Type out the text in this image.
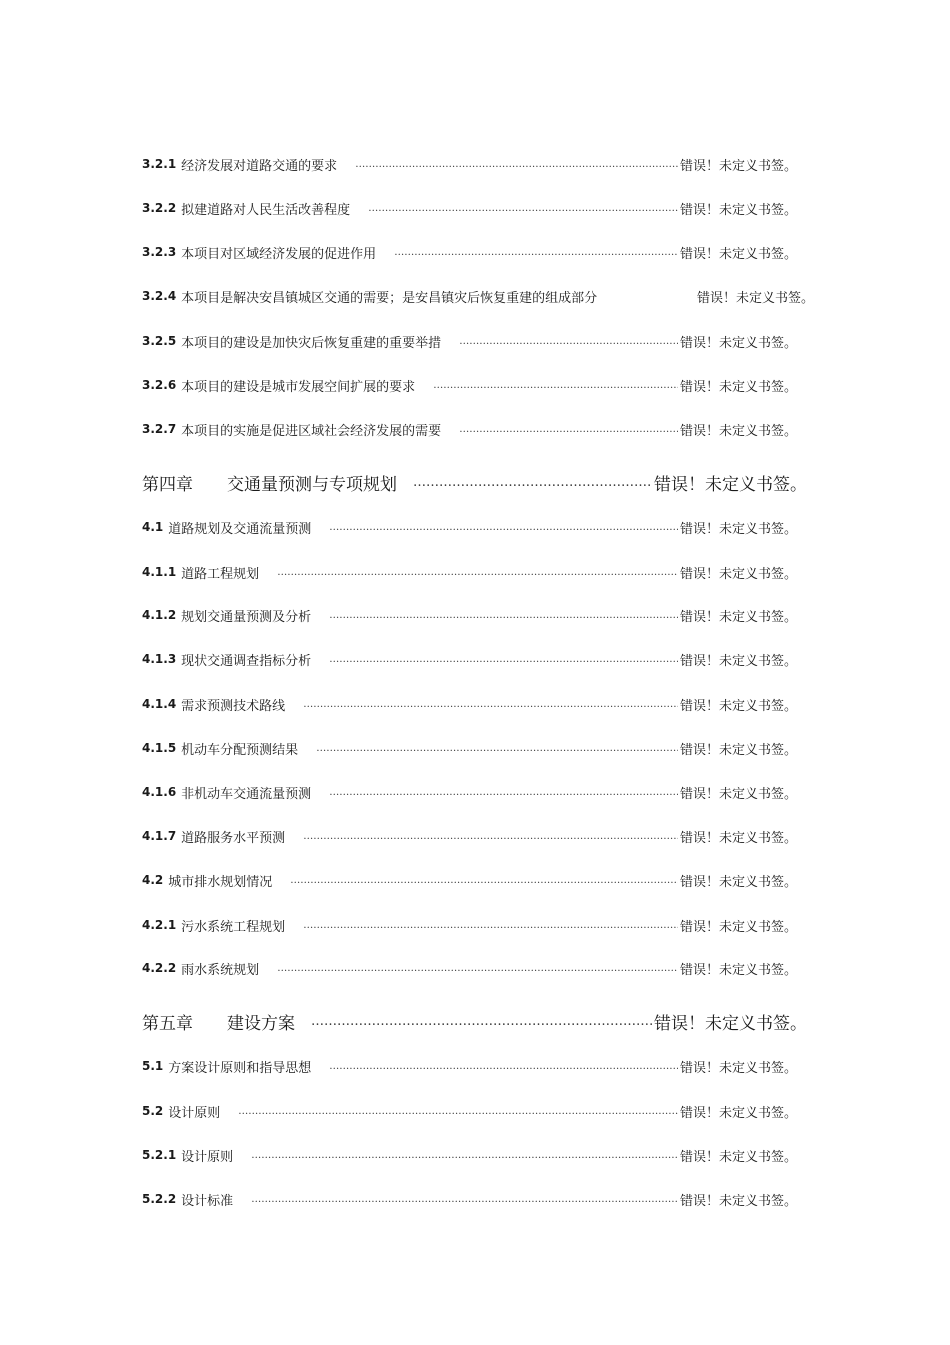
3.2.1 经济发展对道路交通的要求 …………………………………………………………………………………………………………………………………………………………………………………………	错误！未定义书签。
3.2.2 拟建道路对人民生活改善程度 …………………………………………………………………………………………………………………………………………………………………………………………	错误！未定义书签。
3.2.3 本项目对区域经济发展的促进作用 …………………………………………………………………………………………………………………………………………………………………………………………	错误！未定义书签。
3.2.4 本项目是解决安昌镇城区交通的需要；是安昌镇灾后恢复重建的组成部分	错误！未定义书签。
3.2.5 本项目的建设是加快灾后恢复重建的重要举措 …………………………………………………………………………………………………………………………………………………………………………………………	错误！未定义书签。
3.2.6 本项目的建设是城市发展空间扩展的要求 …………………………………………………………………………………………………………………………………………………………………………………………	错误！未定义书签。
3.2.7 本项目的实施是促进区域社会经济发展的需要 …………………………………………………………………………………………………………………………………………………………………………………………	错误！未定义书签。
第四章 交通量预测与专项规划 …………………………………………………………………………………………………………………………………………………………………………………………	错误！未定义书签。
4.1 道路规划及交通流量预测 …………………………………………………………………………………………………………………………………………………………………………………………	错误！未定义书签。
4.1.1 道路工程规划 …………………………………………………………………………………………………………………………………………………………………………………………	错误！未定义书签。
4.1.2 规划交通量预测及分析 …………………………………………………………………………………………………………………………………………………………………………………………	错误！未定义书签。
4.1.3 现状交通调查指标分析 …………………………………………………………………………………………………………………………………………………………………………………………	错误！未定义书签。
4.1.4 需求预测技术路线 …………………………………………………………………………………………………………………………………………………………………………………………	错误！未定义书签。
4.1.5 机动车分配预测结果 …………………………………………………………………………………………………………………………………………………………………………………………	错误！未定义书签。
4.1.6 非机动车交通流量预测 …………………………………………………………………………………………………………………………………………………………………………………………	错误！未定义书签。
4.1.7 道路服务水平预测 …………………………………………………………………………………………………………………………………………………………………………………………	错误！未定义书签。
4.2 城市排水规划情况 …………………………………………………………………………………………………………………………………………………………………………………………	错误！未定义书签。
4.2.1 污水系统工程规划 …………………………………………………………………………………………………………………………………………………………………………………………	错误！未定义书签。
4.2.2 雨水系统规划 …………………………………………………………………………………………………………………………………………………………………………………………	错误！未定义书签。
第五章 建设方案 …………………………………………………………………………………………………………………………………………………………………………………………	错误！未定义书签。
5.1 方案设计原则和指导思想 …………………………………………………………………………………………………………………………………………………………………………………………	错误！未定义书签。
5.2 设计原则 …………………………………………………………………………………………………………………………………………………………………………………………	错误！未定义书签。
5.2.1 设计原则 …………………………………………………………………………………………………………………………………………………………………………………………	错误！未定义书签。
5.2.2 设计标准 …………………………………………………………………………………………………………………………………………………………………………………………	错误！未定义书签。
